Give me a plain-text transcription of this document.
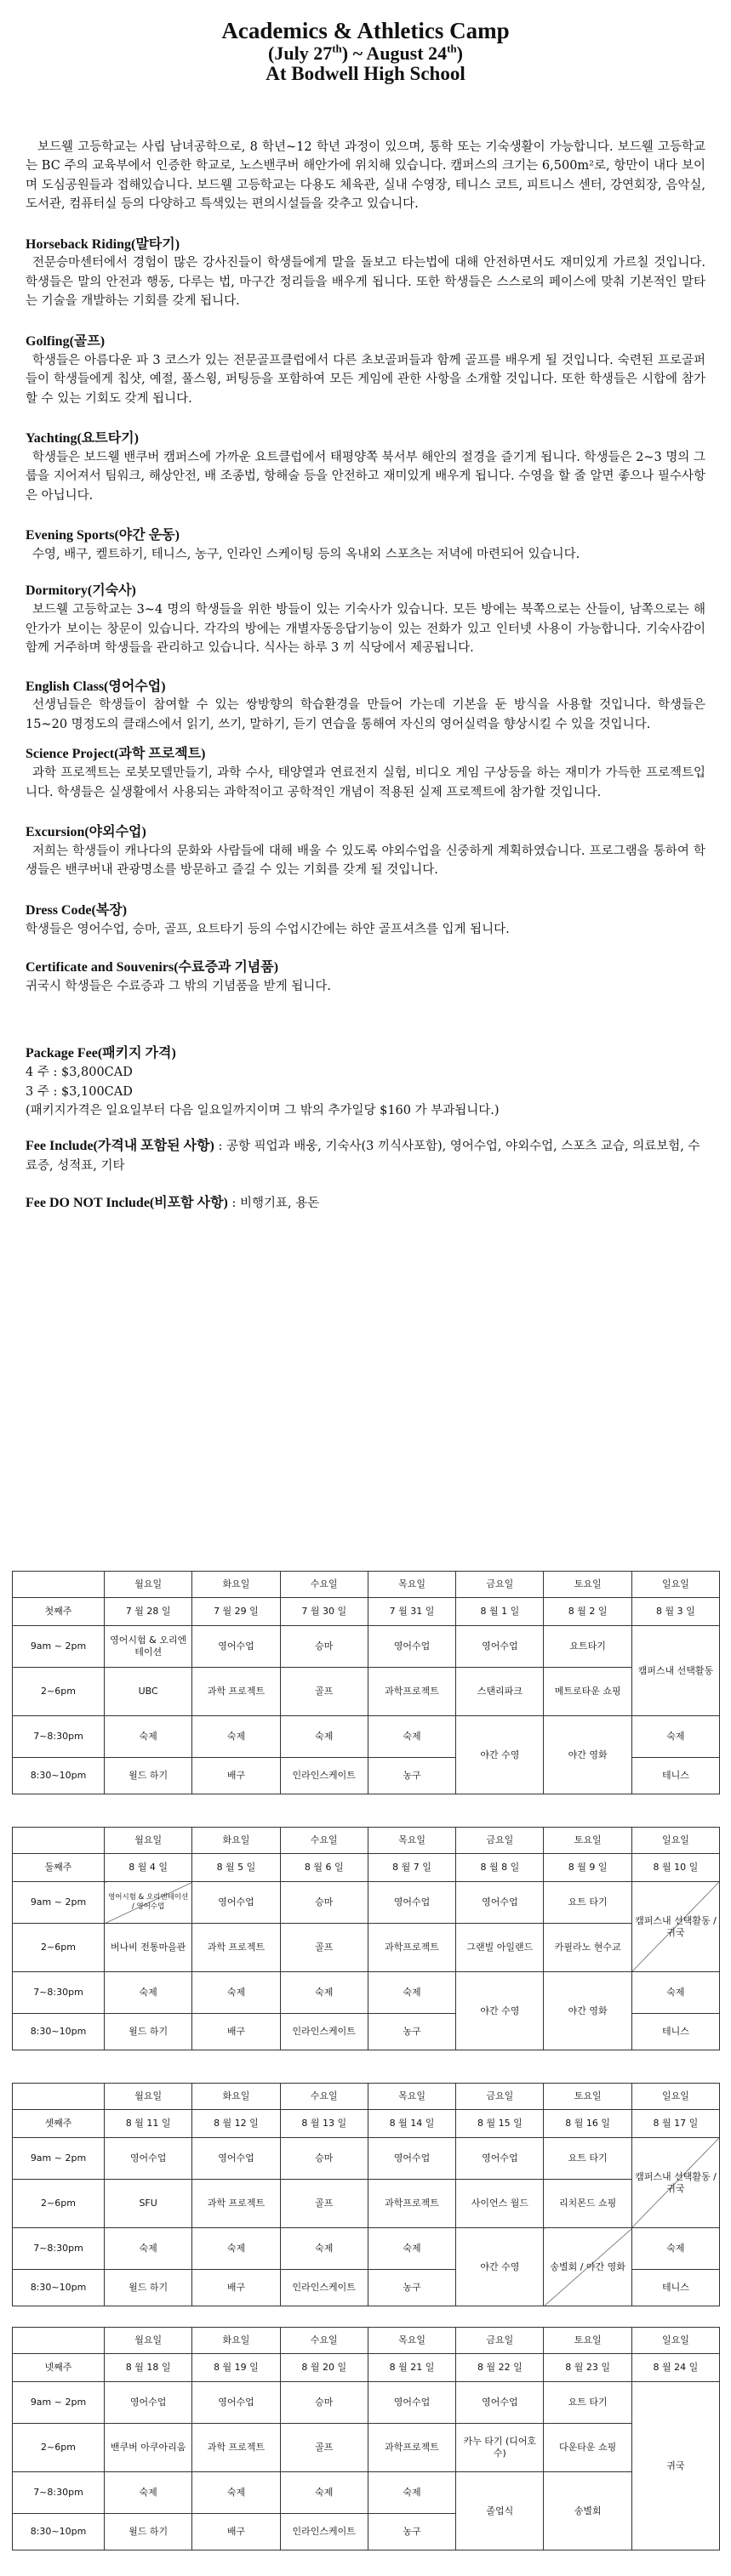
Academics & Athletics Camp
(July 27th) ~ August 24th)
At Bodwell High School

보드웰 고등학교는 사립 남녀공학으로, 8 학년~12 학년 과정이 있으며, 통학 또는 기숙생활이 가능합니다. 보드웰 고등학교는 BC 주의 교육부에서 인증한 학교로, 노스밴쿠버 해안가에 위치해 있습니다. 캠퍼스의 크기는 6,500m²로, 항만이 내다 보이며 도심공원들과 접해있습니다. 보드웰 고등학교는 다용도 체육관, 실내 수영장, 테니스 코트, 피트니스 센터, 강연회장, 음악실, 도서관, 컴퓨터실 등의 다양하고 특색있는 편의시설들을 갖추고 있습니다.

Horseback Riding(말타기)
전문승마센터에서 경험이 많은 강사진들이 학생들에게 말을 돌보고 타는법에 대해 안전하면서도 재미있게 가르칠 것입니다. 학생들은 말의 안전과 행동, 다루는 법, 마구간 정리들을 배우게 됩니다. 또한 학생들은 스스로의 페이스에 맞춰 기본적인 말타는 기술을 개발하는 기회를 갖게 됩니다.
Golfing(골프)
학생들은 아름다운 파 3 코스가 있는 전문골프클럽에서 다른 초보골퍼들과 함께 골프를 배우게 될 것입니다. 숙련된 프로골퍼들이 학생들에게 칩샷, 예절, 풀스윙, 퍼팅등을 포함하여 모든 게임에 관한 사항을 소개할 것입니다. 또한 학생들은 시합에 참가할 수 있는 기회도 갖게 됩니다.
Yachting(요트타기)
학생들은 보드웰 밴쿠버 캠퍼스에 가까운 요트클럽에서 태평양쪽 북서부 해안의 절경을 즐기게 됩니다. 학생들은 2~3 명의 그룹을 지어져서 팀워크, 해상안전, 배 조종법, 항해술 등을 안전하고 재미있게 배우게 됩니다. 수영을 할 줄 알면 좋으나 필수사항은 아닙니다.
Evening Sports(야간 운동)
수영, 배구, 켈트하기, 테니스, 농구, 인라인 스케이팅 등의 옥내외 스포츠는 저녁에 마련되어 있습니다.
Dormitory(기숙사)
보드웰 고등학교는 3~4 명의 학생들을 위한 방들이 있는 기숙사가 있습니다. 모든 방에는 북쪽으로는 산들이, 남쪽으로는 해안가가 보이는 창문이 있습니다. 각각의 방에는 개별자동응답기능이 있는 전화가 있고 인터넷 사용이 가능합니다. 기숙사감이 함께 거주하며 학생들을 관리하고 있습니다. 식사는 하루 3 끼 식당에서 제공됩니다.
English Class(영어수업)
선생님들은 학생들이 참여할 수 있는 쌍방향의 학습환경을 만들어 가는데 기본을 둔 방식을 사용할 것입니다. 학생들은 15~20 명정도의 클래스에서 읽기, 쓰기, 말하기, 듣기 연습을 통해여 자신의 영어실력을 향상시킬 수 있을 것입니다.
Science Project(과학 프로젝트)
과학 프로젝트는 로봇모델만들기, 과학 수사, 태양열과 연료전지 실험, 비디오 게임 구상등을 하는 재미가 가득한 프로젝트입니다. 학생들은 실생활에서 사용되는 과학적이고 공학적인 개념이 적용된 실제 프로젝트에 참가할 것입니다.
Excursion(야외수업)
저희는 학생들이 캐나다의 문화와 사람들에 대해 배울 수 있도록 야외수업을 신중하게 계획하였습니다. 프로그램을 통하여 학생들은 밴쿠버내 관광명소를 방문하고 즐길 수 있는 기회를 갖게 될 것입니다.
Dress Code(복장)
학생들은 영어수업, 승마, 골프, 요트타기 등의 수업시간에는 하얀 골프셔츠를 입게 됩니다.
Certificate and Souvenirs(수료증과 기념품)
귀국시 학생들은 수료증과 그 밖의 기념품을 받게 됩니다.
Package Fee(패키지 가격)
4 주 : $3,800CAD
3 주 : $3,100CAD
(패키지가격은 일요일부터 다음 일요일까지이며 그 밖의 추가일당 $160 가 부과됩니다.)
Fee Include(가격내 포함된 사항) : 공항 픽업과 배웅, 기숙사(3 끼식사포함), 영어수업, 야외수업, 스포츠 교습, 의료보험, 수료증, 성적표, 기타
Fee DO NOT Include(비포함 사항) : 비행기표, 용돈
	월요일	화요일	수요일	목요일	금요일	토요일	일요일
첫째주	7 월 28 일	7 월 29 일	7 월 30 일	7 월 31 일	8 월 1 일	8 월 2 일	8 월 3 일
9am ~ 2pm	영어시험 & 오리엔테이션	영어수업	승마	영어수업	영어수업	요트타기	캠퍼스내 선택활동
2~6pm	UBC	과학 프로젝트	골프	과학프로젝트	스탠리파크	메트로타운 쇼핑	
7~8:30pm	숙제	숙제	숙제	숙제	야간 수영	야간 영화	숙제
8:30~10pm	윌드 하기	배구	인라인스케이트	농구			테니스
	월요일	화요일	수요일	목요일	금요일	토요일	일요일
둘째주	8 월 4 일	8 월 5 일	8 월 6 일	8 월 7 일	8 월 8 일	8 월 9 일	8 월 10 일
9am ~ 2pm	영어시험 & 오리엔테이션 / 영어수업	영어수업	승마	영어수업	영어수업	요트 타기	캠퍼스내 선택활동 / 귀국
2~6pm	버나비 전통마을관	과학 프로젝트	골프	과학프로젝트	그랜빌 아일랜드	카필라노 현수교	
7~8:30pm	숙제	숙제	숙제	숙제	야간 수영	야간 영화	숙제
8:30~10pm	윌드 하기	배구	인라인스케이트	농구			테니스
	월요일	화요일	수요일	목요일	금요일	토요일	일요일
셋째주	8 월 11 일	8 월 12 일	8 월 13 일	8 월 14 일	8 월 15 일	8 월 16 일	8 월 17 일
9am ~ 2pm	영어수업	영어수업	승마	영어수업	영어수업	요트 타기	캠퍼스내 선택활동 / 귀국
2~6pm	SFU	과학 프로젝트	골프	과학프로젝트	사이언스 월드	리치몬드 쇼핑	
7~8:30pm	숙제	숙제	숙제	숙제	야간 수영	송별회 / 야간 영화	숙제
8:30~10pm	윌드 하기	배구	인라인스케이트	농구			테니스
	월요일	화요일	수요일	목요일	금요일	토요일	일요일
넷째주	8 월 18 일	8 월 19 일	8 월 20 일	8 월 21 일	8 월 22 일	8 월 23 일	8 월 24 일
9am ~ 2pm	영어수업	영어수업	승마	영어수업	영어수업	요트 타기	귀국
2~6pm	밴쿠버 아쿠아리움	과학 프로젝트	골프	과학프로젝트	카누 타기 (디어호수)	다운타운 쇼핑	
7~8:30pm	숙제	숙제	숙제	숙제	졸업식	송별회	
8:30~10pm	윌드 하기	배구	인라인스케이트	농구			
